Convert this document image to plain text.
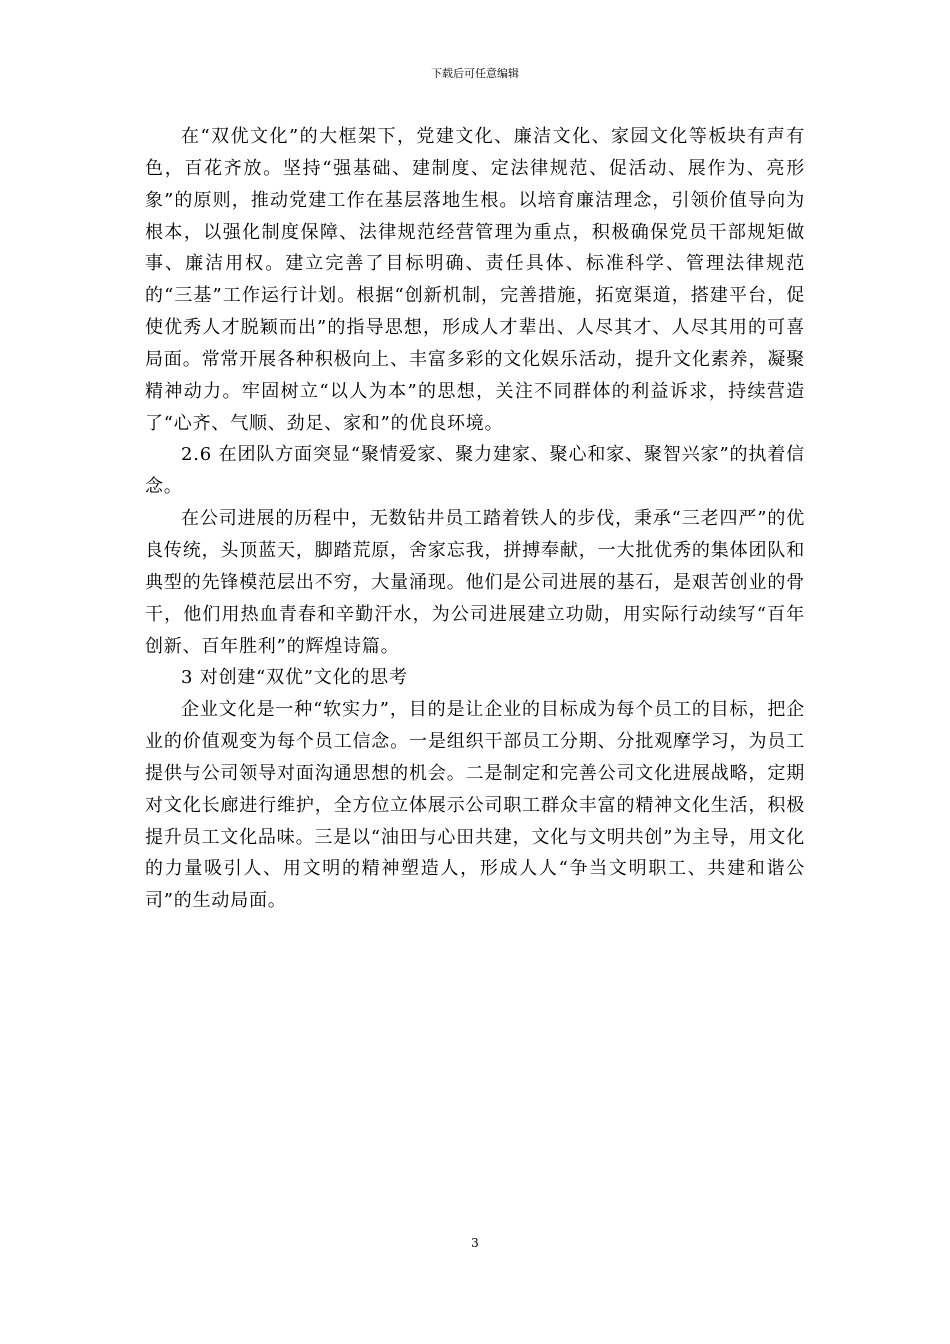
下载后可任意编辑

在“双优文化”的大框架下，党建文化、廉洁文化、家园文化等板块有声有色，百花齐放。坚持“强基础、建制度、定法律规范、促活动、展作为、亮形象”的原则，推动党建工作在基层落地生根。以培育廉洁理念，引领价值导向为根本，以强化制度保障、法律规范经营管理为重点，积极确保党员干部规矩做事、廉洁用权。建立完善了目标明确、责任具体、标准科学、管理法律规范的“三基”工作运行计划。根据“创新机制，完善措施，拓宽渠道，搭建平台，促使优秀人才脱颖而出”的指导思想，形成人才辈出、人尽其才、人尽其用的可喜局面。常常开展各种积极向上、丰富多彩的文化娱乐活动，提升文化素养，凝聚精神动力。牢固树立“以人为本”的思想，关注不同群体的利益诉求，持续营造了“心齐、气顺、劲足、家和”的优良环境。

2.6 在团队方面突显“聚情爱家、聚力建家、聚心和家、聚智兴家”的执着信念。

在公司进展的历程中，无数钻井员工踏着铁人的步伐，秉承“三老四严”的优良传统，头顶蓝天，脚踏荒原，舍家忘我，拼搏奉献，一大批优秀的集体团队和典型的先锋模范层出不穷，大量涌现。他们是公司进展的基石，是艰苦创业的骨干，他们用热血青春和辛勤汗水，为公司进展建立功勋，用实际行动续写“百年创新、百年胜利”的辉煌诗篇。

3 对创建“双优”文化的思考

企业文化是一种“软实力”，目的是让企业的目标成为每个员工的目标，把企业的价值观变为每个员工信念。一是组织干部员工分期、分批观摩学习，为员工提供与公司领导对面沟通思想的机会。二是制定和完善公司文化进展战略，定期对文化长廊进行维护，全方位立体展示公司职工群众丰富的精神文化生活，积极提升员工文化品味。三是以“油田与心田共建，文化与文明共创”为主导，用文化的力量吸引人、用文明的精神塑造人，形成人人“争当文明职工、共建和谐公司”的生动局面。

3
